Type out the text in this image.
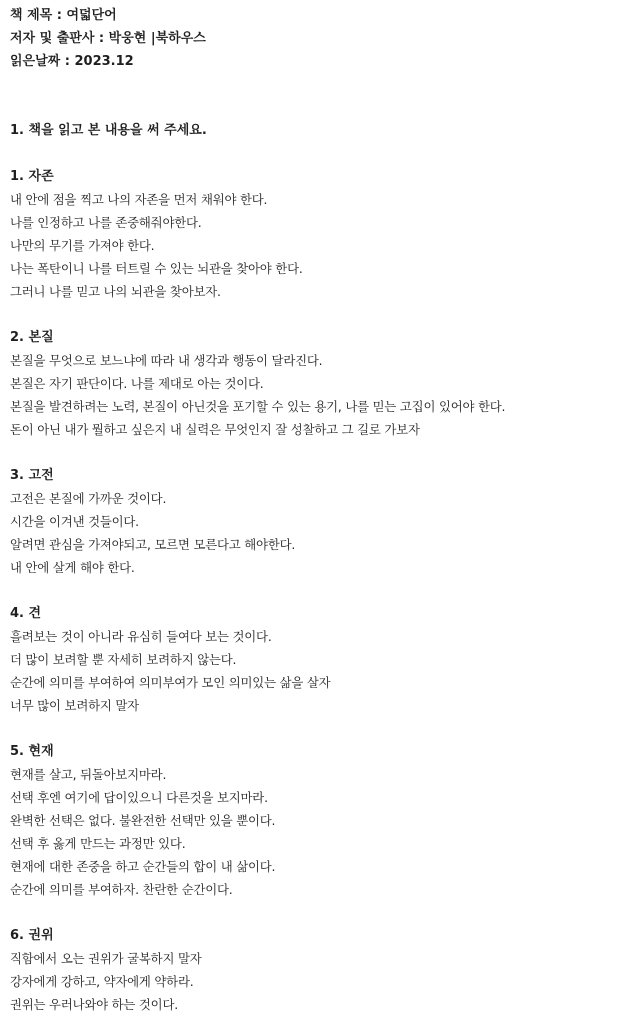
책 제목 : 여덟단어
저자 및 출판사 : 박웅현 |북하우스
읽은날짜 : 2023.12
1. 책을 읽고 본 내용을 써 주세요.
1. 자존
내 안에 점을 찍고 나의 자존을 먼저 채워야 한다.
나를 인정하고 나를 존중해줘야한다.
나만의 무기를 가져야 한다.
나는 폭탄이니 나를 터트릴 수 있는 뇌관을 찾아야 한다.
그러니 나를 믿고 나의 뇌관을 찾아보자.
2. 본질
본질을 무엇으로 보느냐에 따라 내 생각과 행동이 달라진다.
본질은 자기 판단이다. 나를 제대로 아는 것이다.
본질을 발견하려는 노력, 본질이 아닌것을 포기할 수 있는 용기, 나를 믿는 고집이 있어야 한다.
돈이 아닌 내가 뭘하고 싶은지 내 실력은 무엇인지 잘 성찰하고 그 길로 가보자
3. 고전
고전은 본질에 가까운 것이다.
시간을 이겨낸 것들이다.
알려면 관심을 가져야되고, 모르면 모른다고 해야한다.
내 안에 살게 해야 한다.
4. 견
흘려보는 것이 아니라 유심히 들여다 보는 것이다.
더 많이 보려할 뿐 자세히 보려하지 않는다.
순간에 의미를 부여하여 의미부여가 모인 의미있는 삶을 살자
너무 많이 보려하지 말자
5. 현재
현재를 살고, 뒤돌아보지마라.
선택 후엔 여기에 답이있으니 다른것을 보지마라.
완벽한 선택은 없다. 불완전한 선택만 있을 뿐이다.
선택 후 옳게 만드는 과정만 있다.
현재에 대한 존중을 하고 순간들의 합이 내 삶이다.
순간에 의미를 부여하자. 찬란한 순간이다.
6. 권위
직함에서 오는 권위가 굴복하지 말자
강자에게 강하고, 약자에게 약하라.
권위는 우러나와야 하는 것이다.
